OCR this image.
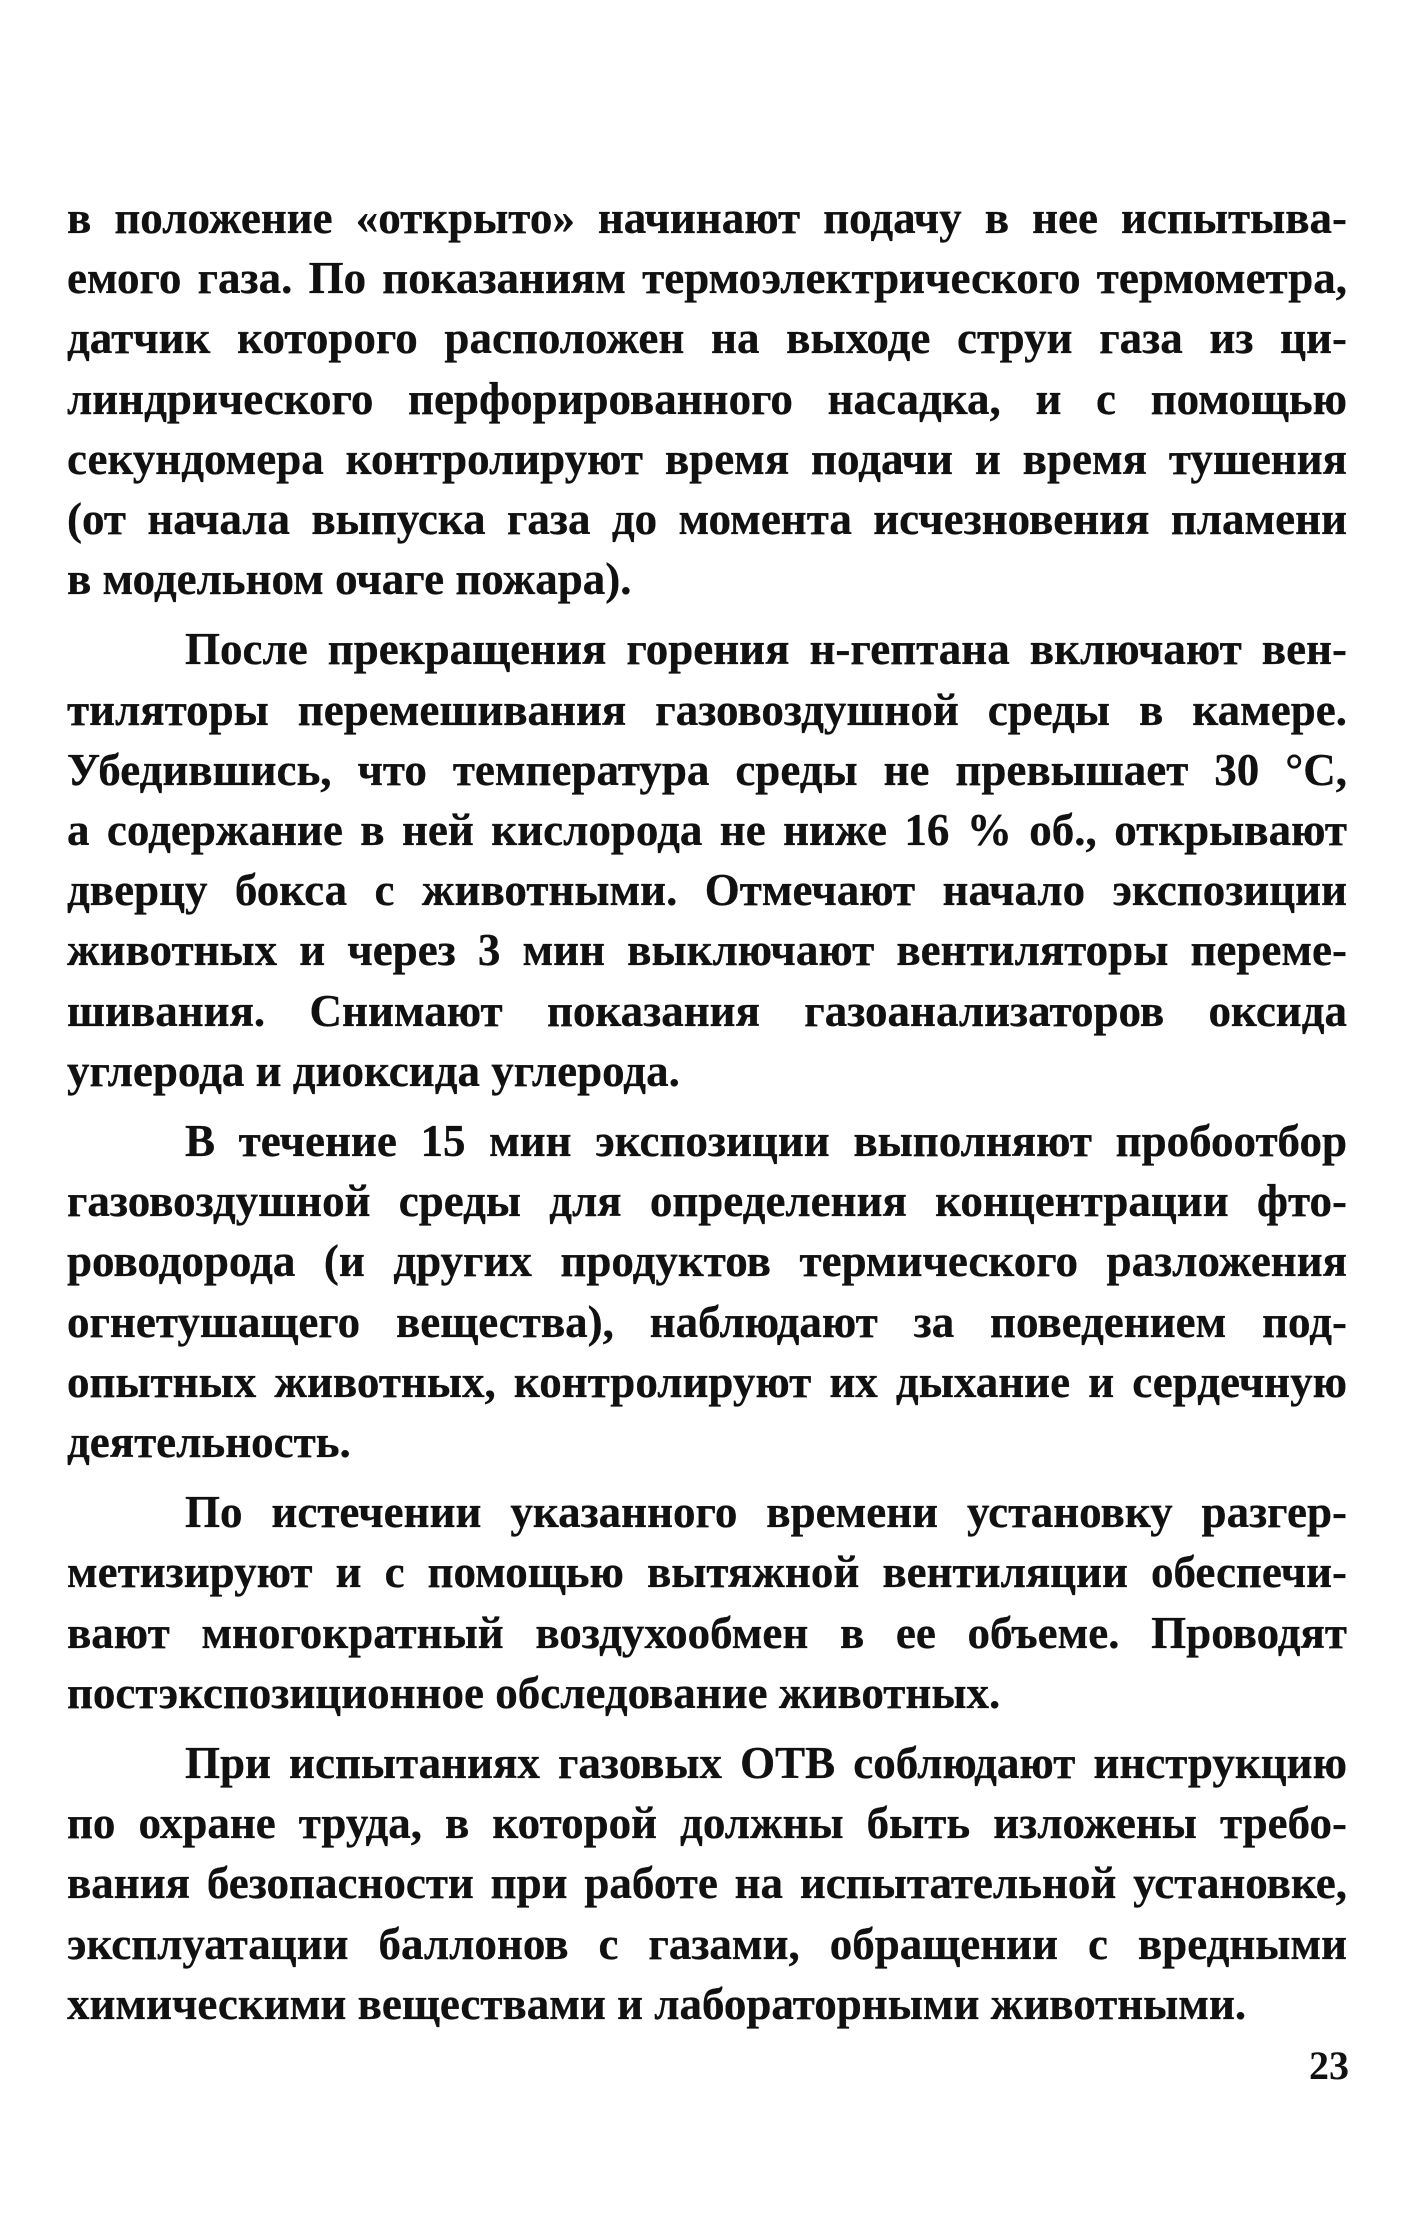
в положение «открыто» начинают подачу в нее испытыва-
емого газа. По показаниям термоэлектрического термометра,
датчик которого расположен на выходе струи газа из ци-
линдрического перфорированного насадка, и с помощью
секундомера контролируют время подачи и время тушения
(от начала выпуска газа до момента исчезновения пламени
в модельном очаге пожара).

После прекращения горения н-гептана включают вен-
тиляторы перемешивания газовоздушной среды в камере.
Убедившись, что температура среды не превышает 30 °С,
а содержание в ней кислорода не ниже 16 % об., открывают
дверцу бокса с животными. Отмечают начало экспозиции
животных и через 3 мин выключают вентиляторы переме-
шивания. Снимают показания газоанализаторов оксида
углерода и диоксида углерода.

В течение 15 мин экспозиции выполняют пробоотбор
газовоздушной среды для определения концентрации фто-
роводорода (и других продуктов термического разложения
огнетушащего вещества), наблюдают за поведением под-
опытных животных, контролируют их дыхание и сердечную
деятельность.

По истечении указанного времени установку разгер-
метизируют и с помощью вытяжной вентиляции обеспечи-
вают многократный воздухообмен в ее объеме. Проводят
постэкспозиционное обследование животных.

При испытаниях газовых ОТВ соблюдают инструкцию
по охране труда, в которой должны быть изложены требо-
вания безопасности при работе на испытательной установке,
эксплуатации баллонов с газами, обращении с вредными
химическими веществами и лабораторными животными.

23
